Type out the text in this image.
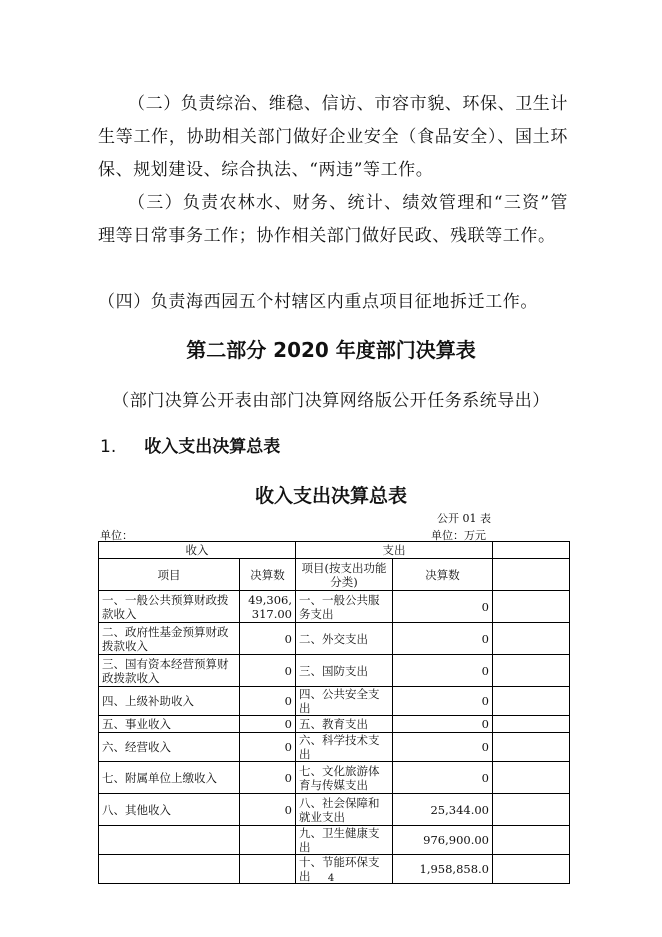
（二）负责综治、维稳、信访、市容市貌、环保、卫生计生等工作，协助相关部门做好企业安全（食品安全）、国土环保、规划建设、综合执法、“两违”等工作。

（三）负责农林水、财务、统计、绩效管理和“三资”管理等日常事务工作；协作相关部门做好民政、残联等工作。

（四）负责海西园五个村辖区内重点项目征地拆迁工作。

第二部分 2020 年度部门决算表
（部门决算公开表由部门决算网络版公开任务系统导出）
1. 收入支出决算总表
收入支出决算总表
公开 01 表
单位：	单位：万元
收入		支出		
项目	决算数	项目(按支出功能分类)	决算数	
一、一般公共预算财政拨款收入	49,306,317.00	一、一般公共服务支出	0	
二、政府性基金预算财政拨款收入	0	二、外交支出	0	
三、国有资本经营预算财政拨款收入	0	三、国防支出	0	
四、上级补助收入	0	四、公共安全支出	0	
五、事业收入	0	五、教育支出	0	
六、经营收入	0	六、科学技术支出	0	
七、附属单位上缴收入	0	七、文化旅游体育与传媒支出	0	
八、其他收入	0	八、社会保障和就业支出	25,344.00	
		九、卫生健康支出	976,900.00	
		十、节能环保支出	1,958,858.0	
4
